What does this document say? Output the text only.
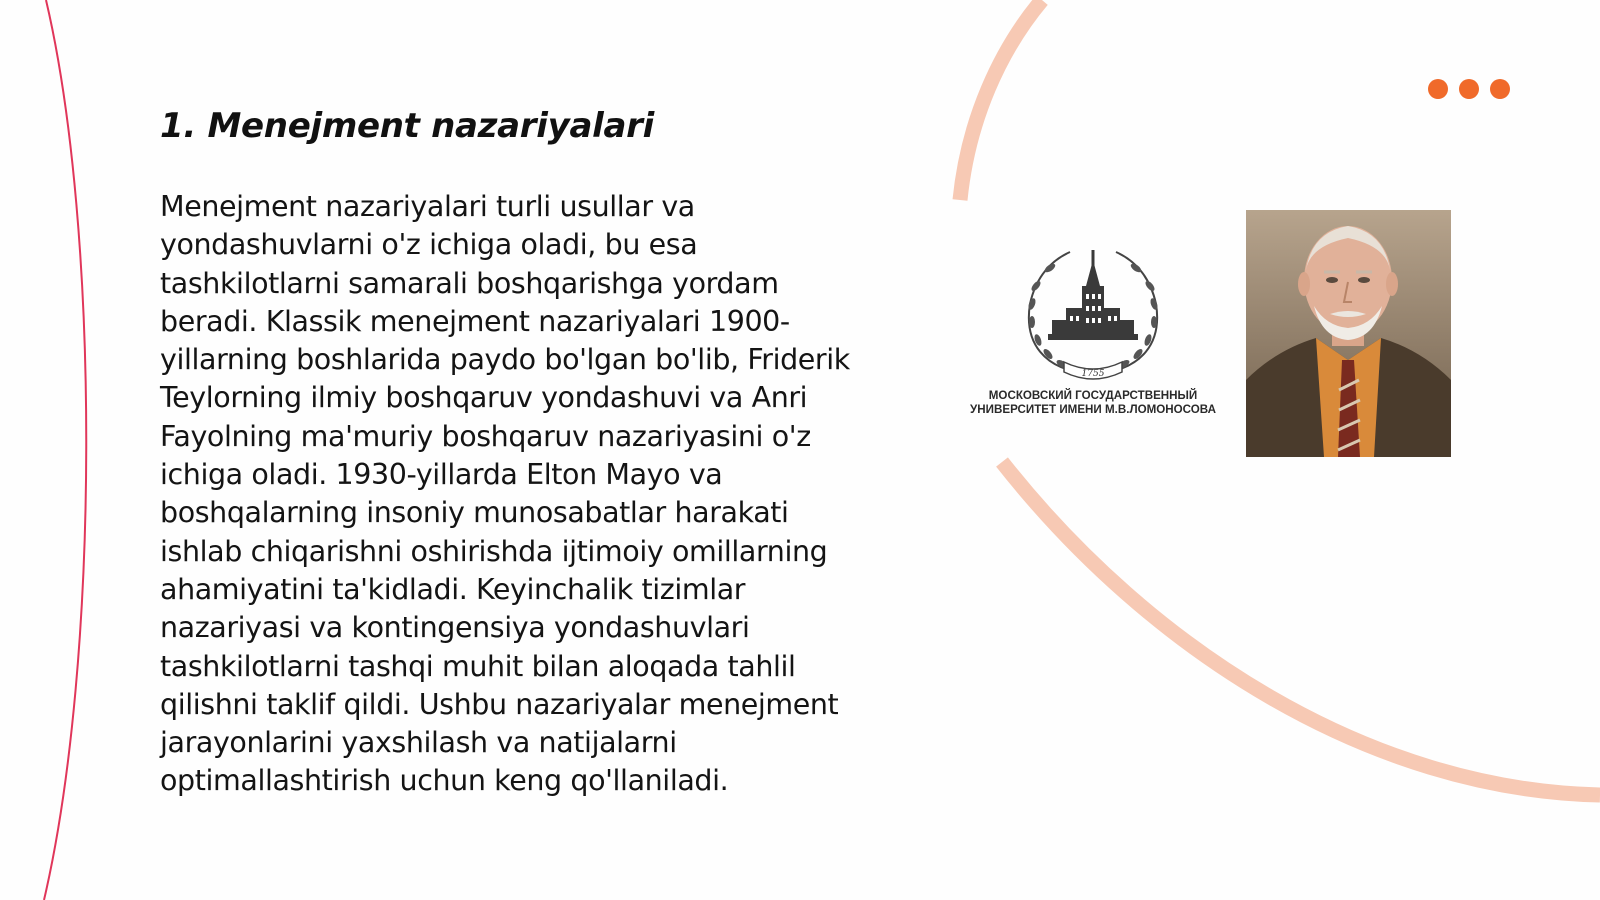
1. Menejment nazariyalari

Menejment nazariyalari turli usullar va yondashuvlarni o'z ichiga oladi, bu esa tashkilotlarni samarali boshqarishga yordam beradi. Klassik menejment nazariyalari 1900-yillarning boshlarida paydo bo'lgan bo'lib, Friderik Teylorning ilmiy boshqaruv yondashuvi va Anri Fayolning ma'muriy boshqaruv nazariyasini o'z ichiga oladi. 1930-yillarda Elton Mayo va boshqalarning insoniy munosabatlar harakati ishlab chiqarishni oshirishda ijtimoiy omillarning ahamiyatini ta'kidladi. Keyinchalik tizimlar nazariyasi va kontingensiya yondashuvlari tashkilotlarni tashqi muhit bilan aloqada tahlil qilishni taklif qildi. Ushbu nazariyalar menejment jarayonlarini yaxshilash va natijalarni optimallashtirish uchun keng qo'llaniladi.

1755
МОСКОВСКИЙ ГОСУДАРСТВЕННЫЙ
УНИВЕРСИТЕТ ИМЕНИ М.В.ЛОМОНОСОВА
